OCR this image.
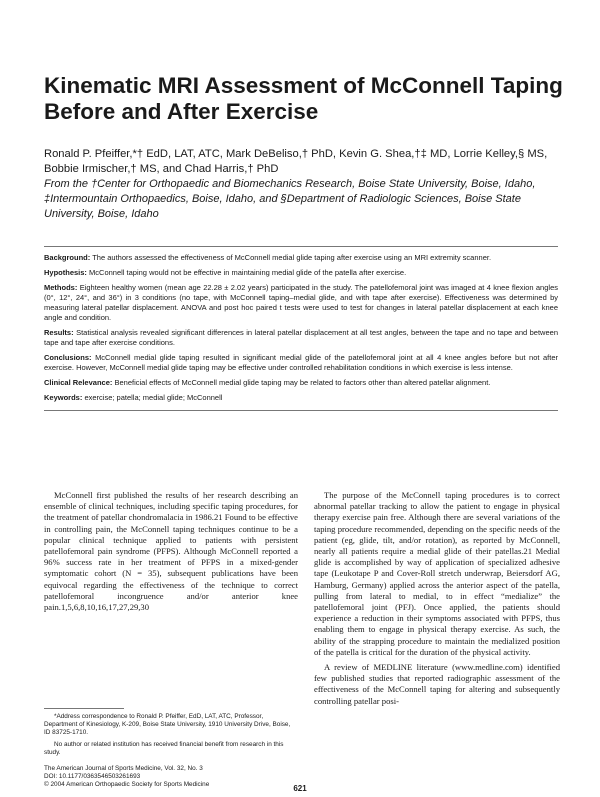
Kinematic MRI Assessment of McConnell Taping Before and After Exercise
Ronald P. Pfeiffer,*† EdD, LAT, ATC, Mark DeBeliso,† PhD, Kevin G. Shea,†‡ MD, Lorrie Kelley,§ MS, Bobbie Irmischer,† MS, and Chad Harris,† PhD
From the †Center for Orthopaedic and Biomechanics Research, Boise State University, Boise, Idaho, ‡Intermountain Orthopaedics, Boise, Idaho, and §Department of Radiologic Sciences, Boise State University, Boise, Idaho

Background: The authors assessed the effectiveness of McConnell medial glide taping after exercise using an MRI extremity scanner.

Hypothesis: McConnell taping would not be effective in maintaining medial glide of the patella after exercise.

Methods: Eighteen healthy women (mean age 22.28 ± 2.02 years) participated in the study. The patellofemoral joint was imaged at 4 knee flexion angles (0°, 12°, 24°, and 36°) in 3 conditions (no tape, with McConnell taping–medial glide, and with tape after exercise). Effectiveness was determined by measuring lateral patellar displacement. ANOVA and post hoc paired t tests were used to test for changes in lateral patellar displacement at each knee angle and condition.

Results: Statistical analysis revealed significant differences in lateral patellar displacement at all test angles, between the tape and no tape and between tape and tape after exercise conditions.

Conclusions: McConnell medial glide taping resulted in significant medial glide of the patellofemoral joint at all 4 knee angles before but not after exercise. However, McConnell medial glide taping may be effective under controlled rehabilitation conditions in which exercise is less intense.

Clinical Relevance: Beneficial effects of McConnell medial glide taping may be related to factors other than altered patellar alignment.

Keywords: exercise; patella; medial glide; McConnell

McConnell first published the results of her research describing an ensemble of clinical techniques, including specific taping procedures, for the treatment of patellar chondromalacia in 1986.21 Found to be effective in controlling pain, the McConnell taping techniques continue to be a popular clinical technique applied to patients with persistent patellofemoral pain syndrome (PFPS). Although McConnell reported a 96% success rate in her treatment of PFPS in a mixed-gender symptomatic cohort (N = 35), subsequent publications have been equivocal regarding the effectiveness of the technique to correct patellofemoral incongruence and/or anterior knee pain.1,5,6,8,10,16,17,27,29,30

The purpose of the McConnell taping procedures is to correct abnormal patellar tracking to allow the patient to engage in physical therapy exercise pain free. Although there are several variations of the taping procedure recommended, depending on the specific needs of the patient (eg, glide, tilt, and/or rotation), as reported by McConnell, nearly all patients require a medial glide of their patellas.21 Medial glide is accomplished by way of application of specialized adhesive tape (Leukotape P and Cover-Roll stretch underwrap, Beiersdorf AG, Hamburg, Germany) applied across the anterior aspect of the patella, pulling from lateral to medial, to in effect “medialize” the patellofemoral joint (PFJ). Once applied, the patients should experience a reduction in their symptoms associated with PFPS, thus enabling them to engage in physical therapy exercise. As such, the ability of the strapping procedure to maintain the medialized position of the patella is critical for the duration of the physical activity.

A review of MEDLINE literature (www.medline.com) identified few published studies that reported radiographic assessment of the effectiveness of the McConnell taping for altering and subsequently controlling patellar posi-

*Address correspondence to Ronald P. Pfeiffer, EdD, LAT, ATC, Professor, Department of Kinesiology, K-209, Boise State University, 1910 University Drive, Boise, ID 83725-1710.

No author or related institution has received financial benefit from research in this study.

The American Journal of Sports Medicine, Vol. 32, No. 3
DOI: 10.1177/0363546503261693
© 2004 American Orthopaedic Society for Sports Medicine	621
